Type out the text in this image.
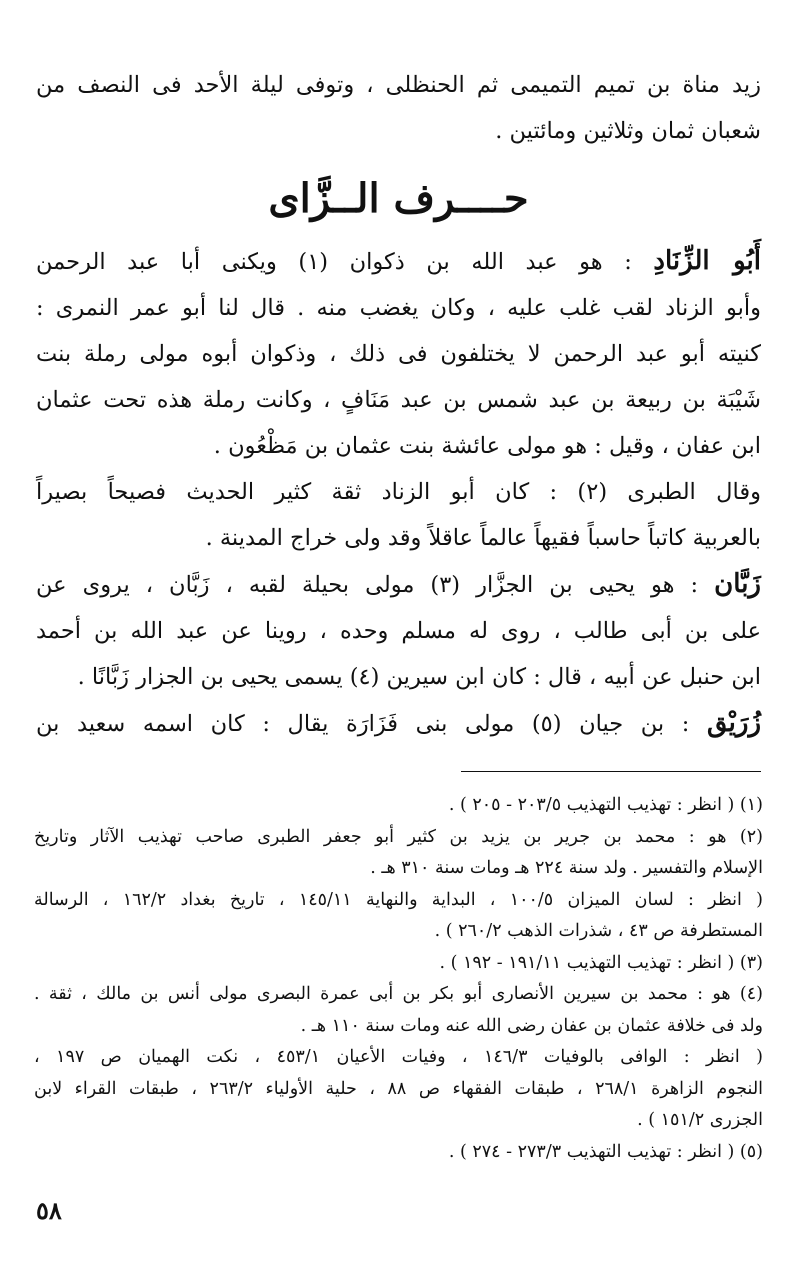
زيد مناة بن تميم التميمى ثم الحنظلى ، وتوفى ليلة الأحد فى النصف من
شعبان ثمان وثلاثين ومائتين .

حــــرف الــزَّاى

أَبُو الزِّنَادِ : هو عبد الله بن ذكوان (١) ويكنى أبا عبد الرحمن
وأبو الزناد لقب غلب عليه ، وكان يغضب منه . قال لنا أبو عمر النمرى :
كنيته أبو عبد الرحمن لا يختلفون فى ذلك ، وذكوان أبوه مولى رملة بنت
شَيْبَة بن ربيعة بن عبد شمس بن عبد مَنَافٍ ، وكانت رملة هذه تحت عثمان
ابن عفان ، وقيل : هو مولى عائشة بنت عثمان بن مَظْعُون .

وقال الطبرى (٢) : كان أبو الزناد ثقة كثير الحديث فصيحاً بصيراً
بالعربية كاتباً حاسباً فقيهاً عالماً عاقلاً وقد ولى خراج المدينة .

زَبَّان : هو يحيى بن الجزَّار (٣) مولى بحيلة لقبه ، زَبَّان ، يروى عن
على بن أبى طالب ، روى له مسلم وحده ، روينا عن عبد الله بن أحمد
ابن حنبل عن أبيه ، قال : كان ابن سيرين (٤) يسمى يحيى بن الجزار زَبَّانًا .

زُرَيْق : بن جيان (٥) مولى بنى فَزَارَة يقال : كان اسمه سعيد بن

(١) ( انظر : تهذيب التهذيب ٢٠٣/٥ - ٢٠٥ ) .
(٢) هو : محمد بن جرير بن يزيد بن كثير أبو جعفر الطبرى صاحب تهذيب الآثار وتاريخ
الإسلام والتفسير . ولد سنة ٢٢٤ هـ ومات سنة ٣١٠ هـ .
( انظر : لسان الميزان ١٠٠/٥ ، البداية والنهاية ١٤٥/١١ ، تاريخ بغداد ١٦٢/٢ ، الرسالة
المستطرفة ص ٤٣ ، شذرات الذهب ٢٦٠/٢ ) .
(٣) ( انظر : تهذيب التهذيب ١٩١/١١ - ١٩٢ ) .
(٤) هو : محمد بن سيرين الأنصارى أبو بكر بن أبى عمرة البصرى مولى أنس بن مالك ، ثقة .
ولد فى خلافة عثمان بن عفان رضى الله عنه ومات سنة ١١٠ هـ .
( انظر : الوافى بالوفيات ١٤٦/٣ ، وفيات الأعيان ٤٥٣/١ ، نكت الهميان ص ١٩٧ ،
النجوم الزاهرة ٢٦٨/١ ، طبقات الفقهاء ص ٨٨ ، حلية الأولياء ٢٦٣/٢ ، طبقات القراء لابن
الجزرى ١٥١/٢ ) .
(٥) ( انظر : تهذيب التهذيب ٢٧٣/٣ - ٢٧٤ ) .
٥٨
